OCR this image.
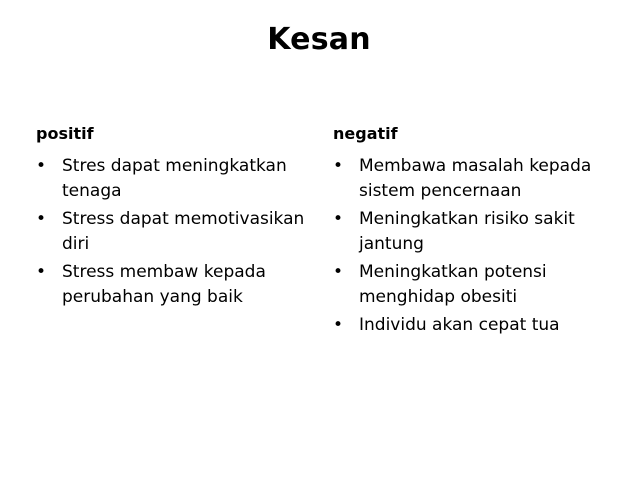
Kesan
positif
• Stres dapat meningkatkan tenaga
• Stress dapat memotivasikan diri
• Stress membaw kepada perubahan yang baik
negatif
• Membawa masalah kepada sistem pencernaan
• Meningkatkan risiko sakit jantung
• Meningkatkan potensi menghidap obesiti
• Individu akan cepat tua
